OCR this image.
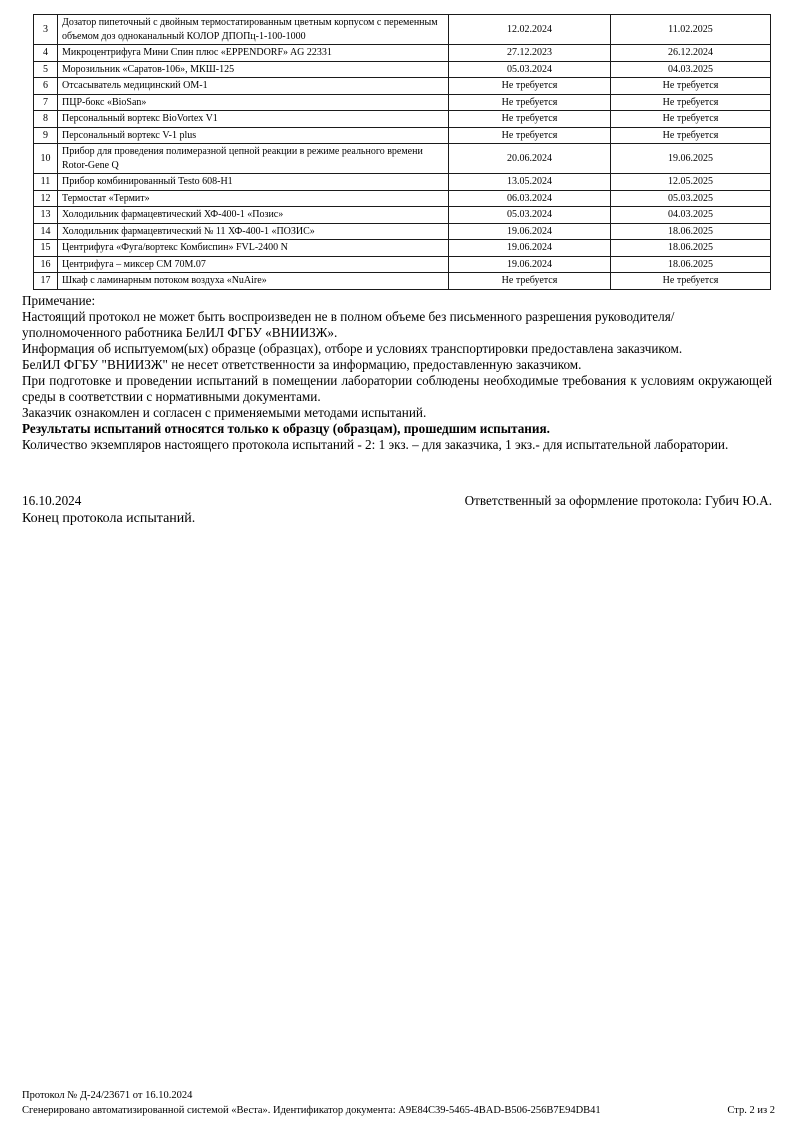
3	Дозатор пипеточный с двойным термостатированным цветным корпусом с переменным объемом доз одноканальный КОЛОР ДПОПц-1-100-1000	12.02.2024	11.02.2025
4	Микроцентрифуга Мини Спин плюс «EPPENDORF» AG 22331	27.12.2023	26.12.2024
5	Морозильник «Саратов-106», МКШ-125	05.03.2024	04.03.2025
6	Отсасыватель медицинский ОМ-1	Не требуется	Не требуется
7	ПЦР-бокс «BioSan»	Не требуется	Не требуется
8	Персональный вортекс BioVortex V1	Не требуется	Не требуется
9	Персональный вортекс V-1 plus	Не требуется	Не требуется
10	Прибор для проведения полимеразной цепной реакции в режиме реального времени Rotor-Gene Q	20.06.2024	19.06.2025
11	Прибор комбинированный Testo 608-H1	13.05.2024	12.05.2025
12	Термостат «Термит»	06.03.2024	05.03.2025
13	Холодильник фармацевтический ХФ-400-1 «Позис»	05.03.2024	04.03.2025
14	Холодильник фармацевтический № 11 ХФ-400-1 «ПОЗИС»	19.06.2024	18.06.2025
15	Центрифуга «Фуга/вортекс Комбиспин» FVL-2400 N	19.06.2024	18.06.2025
16	Центрифуга – миксер СМ 70М.07	19.06.2024	18.06.2025
17	Шкаф с ламинарным потоком воздуха «NuAire»	Не требуется	Не требуется

Примечание:

Настоящий протокол не может быть воспроизведен не в полном объеме без письменного разрешения руководителя/уполномоченного работника БелИЛ ФГБУ «ВНИИЗЖ».

Информация об испытуемом(ых) образце (образцах), отборе и условиях транспортировки предоставлена заказчиком.

БелИЛ ФГБУ "ВНИИЗЖ" не несет ответственности за информацию, предоставленную заказчиком.

При подготовке и проведении испытаний в помещении лаборатории соблюдены необходимые требования к условиям окружающей среды в соответствии с нормативными документами.

Заказчик ознакомлен и согласен с применяемыми методами испытаний.

Результаты испытаний относятся только к образцу (образцам), прошедшим испытания.

Количество экземпляров настоящего протокола испытаний - 2: 1 экз. – для заказчика, 1 экз.- для испытательной лаборатории.

16.10.2024	Ответственный за оформление протокола: Губич Ю.А.
Конец протокола испытаний.
Протокол № Д-24/23671 от 16.10.2024
Сгенерировано автоматизированной системой «Веста». Идентификатор документа: A9E84C39-5465-4BAD-B506-256B7E94DB41	Стр. 2 из 2
